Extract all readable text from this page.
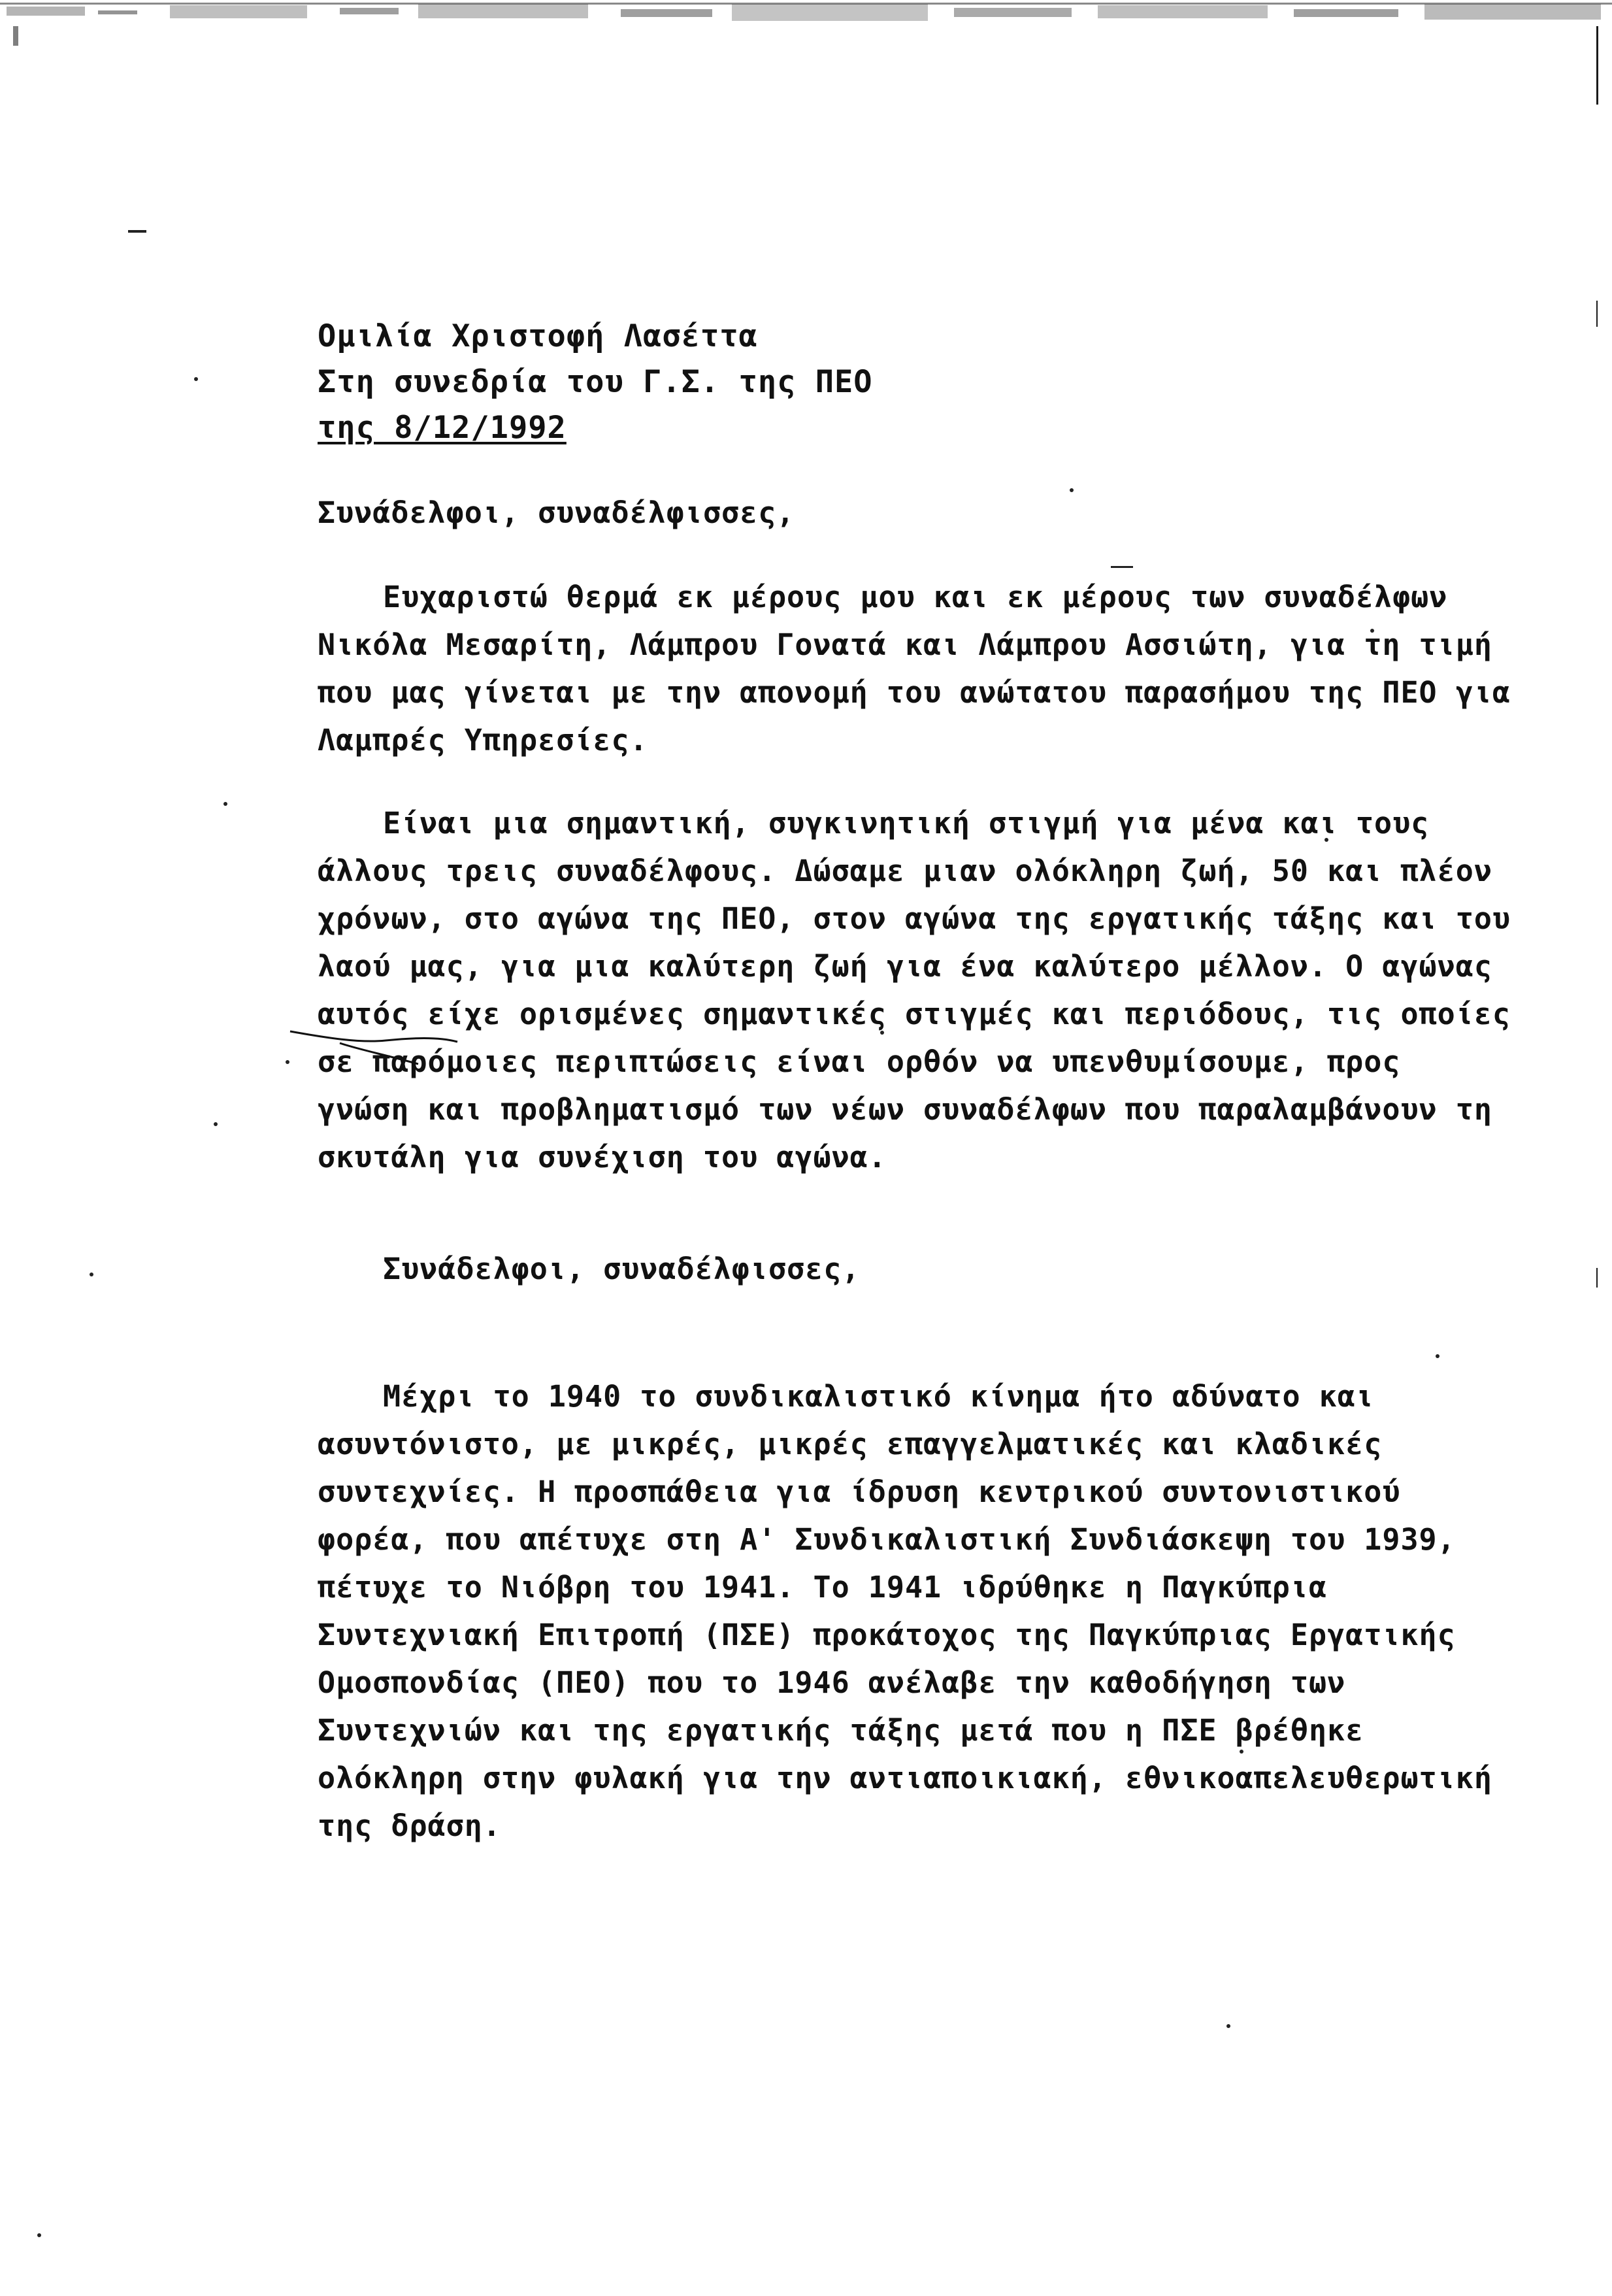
Ομιλία Χριστοφή Λασέττα
Στη συνεδρία του Γ.Σ. της ΠΕΟ
της 8/12/1992
Συνάδελφοι, συναδέλφισσες,
Ευχαριστώ θερμά εκ μέρους μου και εκ μέρους των συναδέλφων
Νικόλα Μεσαρίτη, Λάμπρου Γονατά και Λάμπρου Ασσιώτη, για τη τιμή
που μας γίνεται με την απονομή του ανώτατου παρασήμου της ΠΕΟ για
Λαμπρές Υπηρεσίες.
Είναι μια σημαντική, συγκινητική στιγμή για μένα και τους
άλλους τρεις συναδέλφους. Δώσαμε μιαν ολόκληρη ζωή, 50 και πλέον
χρόνων, στο αγώνα της ΠΕΟ, στον αγώνα της εργατικής τάξης και του
λαού μας, για μια καλύτερη ζωή για ένα καλύτερο μέλλον. Ο αγώνας
αυτός είχε ορισμένες σημαντικές στιγμές και περιόδους, τις οποίες
σε παρόμοιες περιπτώσεις είναι ορθόν να υπενθυμίσουμε, προς
γνώση και προβληματισμό των νέων συναδέλφων που παραλαμβάνουν τη
σκυτάλη για συνέχιση του αγώνα.
Συνάδελφοι, συναδέλφισσες,
Μέχρι το 1940 το συνδικαλιστικό κίνημα ήτο αδύνατο και
ασυντόνιστο, με μικρές, μικρές επαγγελματικές και κλαδικές
συντεχνίες. Η προσπάθεια για ίδρυση κεντρικού συντονιστικού
φορέα, που απέτυχε στη Α' Συνδικαλιστική Συνδιάσκεψη του 1939,
πέτυχε το Νιόβρη του 1941. Το 1941 ιδρύθηκε η Παγκύπρια
Συντεχνιακή Επιτροπή (ΠΣΕ) προκάτοχος της Παγκύπριας Εργατικής
Ομοσπονδίας (ΠΕΟ) που το 1946 ανέλαβε την καθοδήγηση των
Συντεχνιών και της εργατικής τάξης μετά που η ΠΣΕ βρέθηκε
ολόκληρη στην φυλακή για την αντιαποικιακή, εθνικοαπελευθερωτική
της δράση.
